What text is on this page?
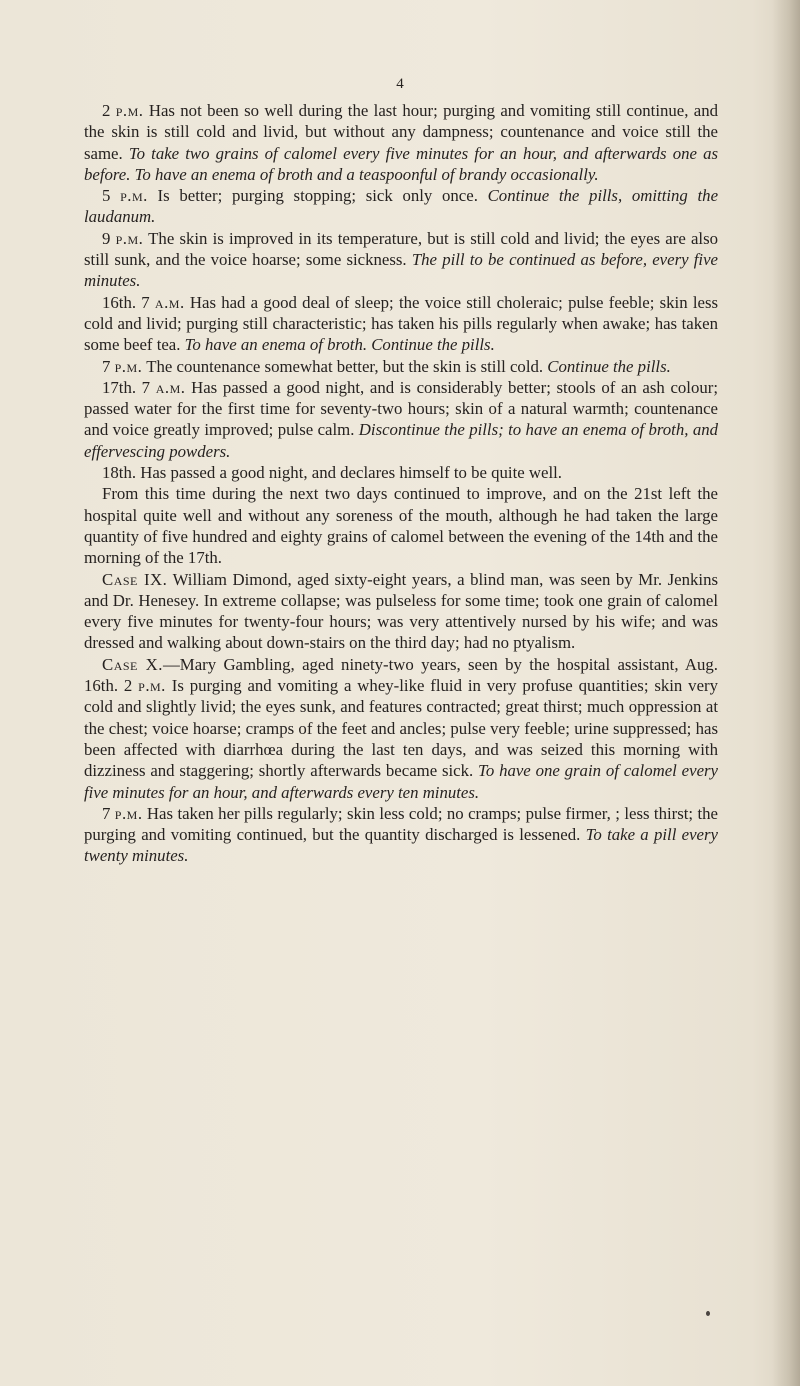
4

2 p.m. Has not been so well during the last hour; purging and vomiting still continue, and the skin is still cold and livid, but without any dampness; countenance and voice still the same. To take two grains of calomel every five minutes for an hour, and afterwards one as before. To have an enema of broth and a teaspoonful of brandy occasionally.

5 p.m. Is better; purging stopping; sick only once. Continue the pills, omitting the laudanum.

9 p.m. The skin is improved in its temperature, but is still cold and livid; the eyes are also still sunk, and the voice hoarse; some sickness. The pill to be continued as before, every five minutes.

16th. 7 a.m. Has had a good deal of sleep; the voice still choleraic; pulse feeble; skin less cold and livid; purging still characteristic; has taken his pills regularly when awake; has taken some beef tea. To have an enema of broth. Continue the pills.

7 p.m. The countenance somewhat better, but the skin is still cold. Continue the pills.

17th. 7 a.m. Has passed a good night, and is considerably better; stools of an ash colour; passed water for the first time for seventy-two hours; skin of a natural warmth; countenance and voice greatly improved; pulse calm. Discontinue the pills; to have an enema of broth, and effervescing powders.

18th. Has passed a good night, and declares himself to be quite well.

From this time during the next two days continued to improve, and on the 21st left the hospital quite well and without any soreness of the mouth, although he had taken the large quantity of five hundred and eighty grains of calomel between the evening of the 14th and the morning of the 17th.

Case IX. William Dimond, aged sixty-eight years, a blind man, was seen by Mr. Jenkins and Dr. Henesey. In extreme collapse; was pulseless for some time; took one grain of calomel every five minutes for twenty-four hours; was very attentively nursed by his wife; and was dressed and walking about down-stairs on the third day; had no ptyalism.

Case X.—Mary Gambling, aged ninety-two years, seen by the hospital assistant, Aug. 16th. 2 p.m. Is purging and vomiting a whey-like fluid in very profuse quantities; skin very cold and slightly livid; the eyes sunk, and features contracted; great thirst; much oppression at the chest; voice hoarse; cramps of the feet and ancles; pulse very feeble; urine suppressed; has been affected with diarrhœa during the last ten days, and was seized this morning with dizziness and staggering; shortly afterwards became sick. To have one grain of calomel every five minutes for an hour, and afterwards every ten minutes.

7 p.m. Has taken her pills regularly; skin less cold; no cramps; pulse firmer, ; less thirst; the purging and vomiting continued, but the quantity discharged is lessened. To take a pill every twenty minutes.
